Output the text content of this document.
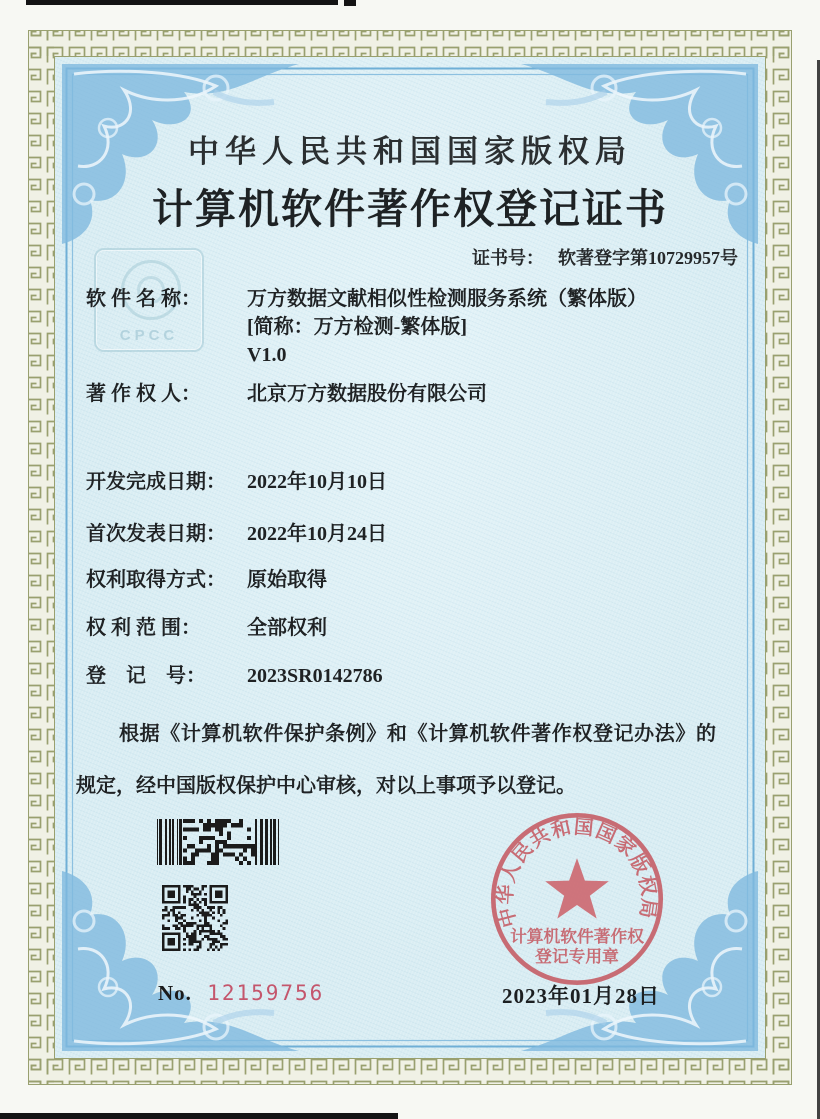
CPCC
中华人民共和国国家版权局
计算机软件著作权登记证书
证书号： 软著登字第10729957号
软 件 名 称： 万方数据文献相似性检测服务系统（繁体版）
[简称：万方检测-繁体版]
V1.0
著 作 权 人： 北京万方数据股份有限公司
开发完成日期： 2022年10月10日
首次发表日期： 2022年10月24日
权利取得方式： 原始取得
权 利 范 围： 全部权利
登　记　号： 2023SR0142786
根据《计算机软件保护条例》和《计算机软件著作权登记办法》的规定，经中国版权保护中心审核，对以上事项予以登记。
No. 12159756
中华人民共和国国家版权局
计算机软件著作权
登记专用章
2023年01月28日
